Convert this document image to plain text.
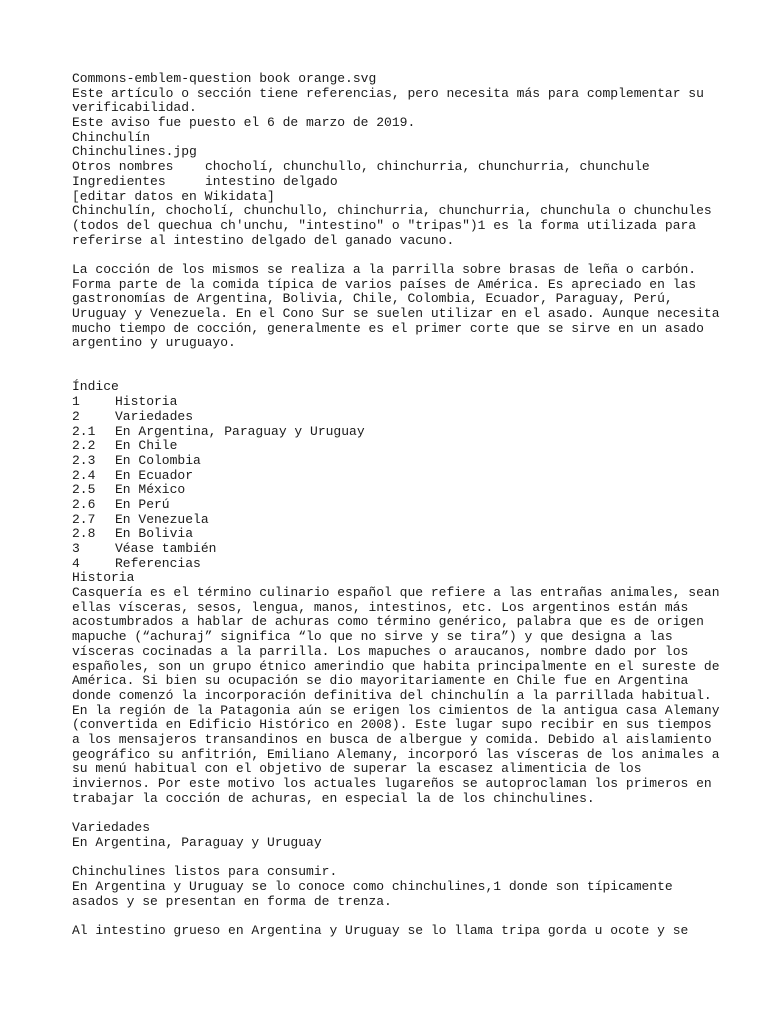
Commons-emblem-question book orange.svg
Este artículo o sección tiene referencias, pero necesita más para complementar su
verificabilidad.
Este aviso fue puesto el 6 de marzo de 2019.
Chinchulín
Chinchulines.jpg
Otros nombres	chocholí, chunchullo, chinchurria, chunchurria, chunchule
Ingredientes	intestino delgado
[editar datos en Wikidata]
Chinchulín, chocholí, chunchullo, chinchurria, chunchurria, chunchula o chunchules
(todos del quechua ch'unchu, "intestino" o "tripas")1 es la forma utilizada para
referirse al intestino delgado del ganado vacuno.
La cocción de los mismos se realiza a la parrilla sobre brasas de leña o carbón.
Forma parte de la comida típica de varios países de América. Es apreciado en las
gastronomías de Argentina, Bolivia, Chile, Colombia, Ecuador, Paraguay, Perú,
Uruguay y Venezuela. En el Cono Sur se suelen utilizar en el asado. Aunque necesita
mucho tiempo de cocción, generalmente es el primer corte que se sirve en un asado
argentino y uruguayo.
Índice
1	Historia
2	Variedades
2.1	En Argentina, Paraguay y Uruguay
2.2	En Chile
2.3	En Colombia
2.4	En Ecuador
2.5	En México
2.6	En Perú
2.7	En Venezuela
2.8	En Bolivia
3	Véase también
4	Referencias
Historia
Casquería es el término culinario español que refiere a las entrañas animales, sean
ellas vísceras, sesos, lengua, manos, intestinos, etc. Los argentinos están más
acostumbrados a hablar de achuras como término genérico, palabra que es de origen
mapuche (“achuraj” significa “lo que no sirve y se tira”) y que designa a las
vísceras cocinadas a la parrilla. Los mapuches o araucanos, nombre dado por los
españoles, son un grupo étnico amerindio que habita principalmente en el sureste de
América. Si bien su ocupación se dio mayoritariamente en Chile fue en Argentina
donde comenzó la incorporación definitiva del chinchulín a la parrillada habitual.
En la región de la Patagonia aún se erigen los cimientos de la antigua casa Alemany
(convertida en Edificio Histórico en 2008). Este lugar supo recibir en sus tiempos
a los mensajeros transandinos en busca de albergue y comida. Debido al aislamiento
geográfico su anfitrión, Emiliano Alemany, incorporó las vísceras de los animales a
su menú habitual con el objetivo de superar la escasez alimenticia de los
inviernos. Por este motivo los actuales lugareños se autoproclaman los primeros en
trabajar la cocción de achuras, en especial la de los chinchulines.
Variedades
En Argentina, Paraguay y Uruguay
Chinchulines listos para consumir.
En Argentina y Uruguay se lo conoce como chinchulines,1 donde son típicamente
asados y se presentan en forma de trenza.
Al intestino grueso en Argentina y Uruguay se lo llama tripa gorda u ocote y se
